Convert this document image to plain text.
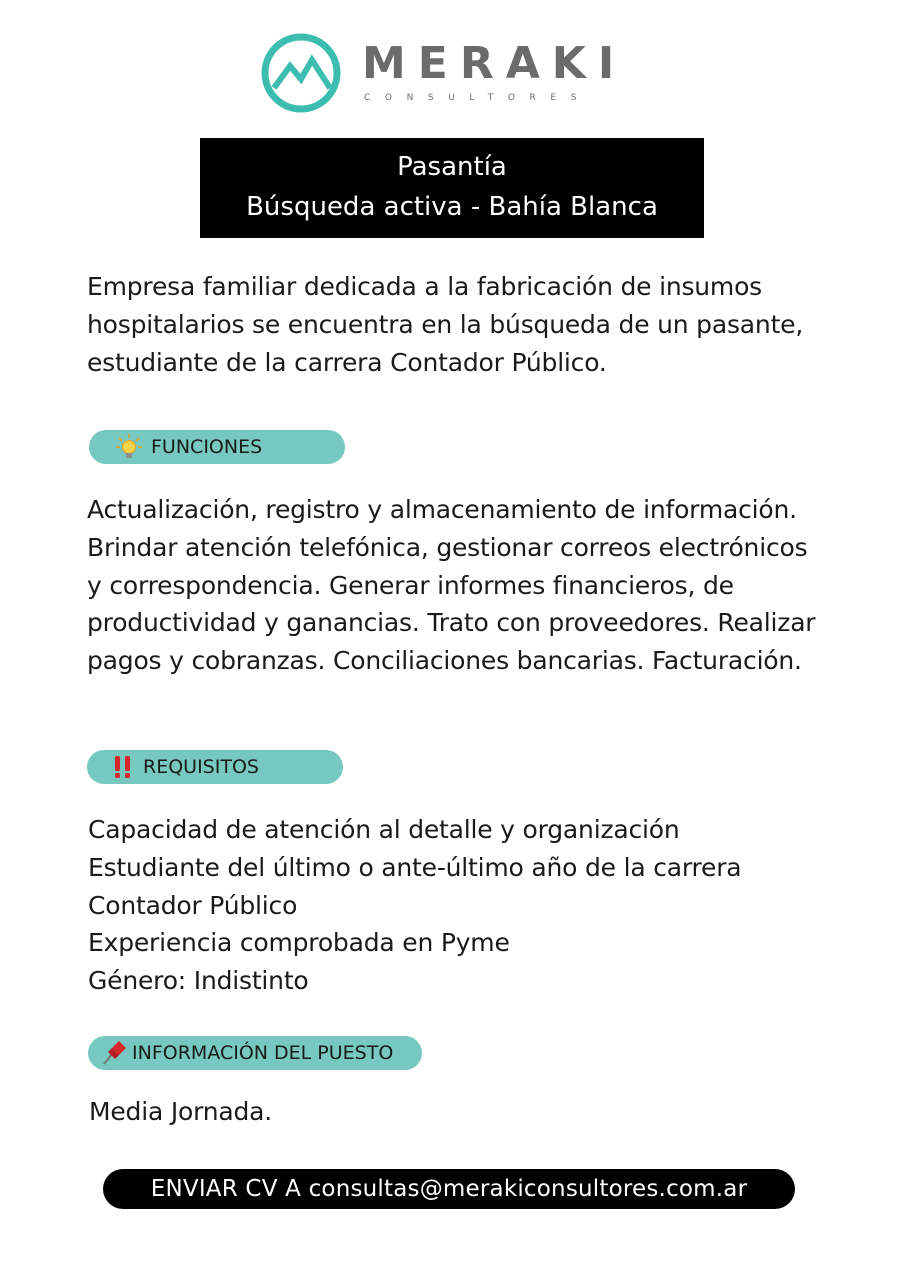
MERAKI
CONSULTORES
Pasantía
Búsqueda activa - Bahía Blanca
Empresa familiar dedicada a la fabricación de insumos hospitalarios se encuentra en la búsqueda de un pasante, estudiante de la carrera Contador Público.
FUNCIONES
Actualización, registro y almacenamiento de información. Brindar atención telefónica, gestionar correos electrónicos y correspondencia. Generar informes financieros, de productividad y ganancias. Trato con proveedores. Realizar pagos y cobranzas. Conciliaciones bancarias. Facturación.
REQUISITOS
Capacidad de atención al detalle y organización
Estudiante del último o ante-último año de la carrera
Contador Público
Experiencia comprobada en Pyme
Género: Indistinto
INFORMACIÓN DEL PUESTO
Media Jornada.
ENVIAR CV A consultas@merakiconsultores.com.ar
